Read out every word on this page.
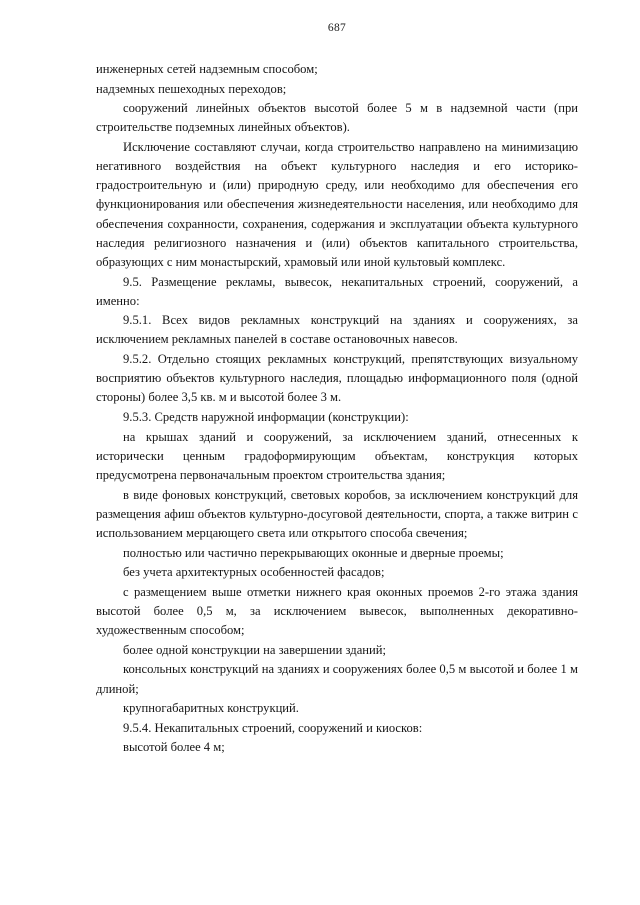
687

инженерных сетей надземным способом;

надземных пешеходных переходов;

сооружений линейных объектов высотой более 5 м в надземной части (при строительстве подземных линейных объектов).

Исключение составляют случаи, когда строительство направлено на минимизацию негативного воздействия на объект культурного наследия и его историко-градостроительную и (или) природную среду, или необходимо для обеспечения его функционирования или обеспечения жизнедеятельности населения, или необходимо для обеспечения сохранности, сохранения, содержания и эксплуатации объекта культурного наследия религиозного назначения и (или) объектов капитального строительства, образующих с ним монастырский, храмовый или иной культовый комплекс.

9.5. Размещение рекламы, вывесок, некапитальных строений, сооружений, а именно:

9.5.1. Всех видов рекламных конструкций на зданиях и сооружениях, за исключением рекламных панелей в составе остановочных навесов.

9.5.2. Отдельно стоящих рекламных конструкций, препятствующих визуальному восприятию объектов культурного наследия, площадью информационного поля (одной стороны) более 3,5 кв. м и высотой более 3 м.

9.5.3. Средств наружной информации (конструкции):

на крышах зданий и сооружений, за исключением зданий, отнесенных к исторически ценным градоформирующим объектам, конструкция которых предусмотрена первоначальным проектом строительства здания;

в виде фоновых конструкций, световых коробов, за исключением конструкций для размещения афиш объектов культурно-досуговой деятельности, спорта, а также витрин с использованием мерцающего света или открытого способа свечения;

полностью или частично перекрывающих оконные и дверные проемы;

без учета архитектурных особенностей фасадов;

с размещением выше отметки нижнего края оконных проемов 2-го этажа здания высотой более 0,5 м, за исключением вывесок, выполненных декоративно-художественным способом;

более одной конструкции на завершении зданий;

консольных конструкций на зданиях и сооружениях более 0,5 м высотой и более 1 м длиной;

крупногабаритных конструкций.

9.5.4. Некапитальных строений, сооружений и киосков:

высотой более 4 м;
